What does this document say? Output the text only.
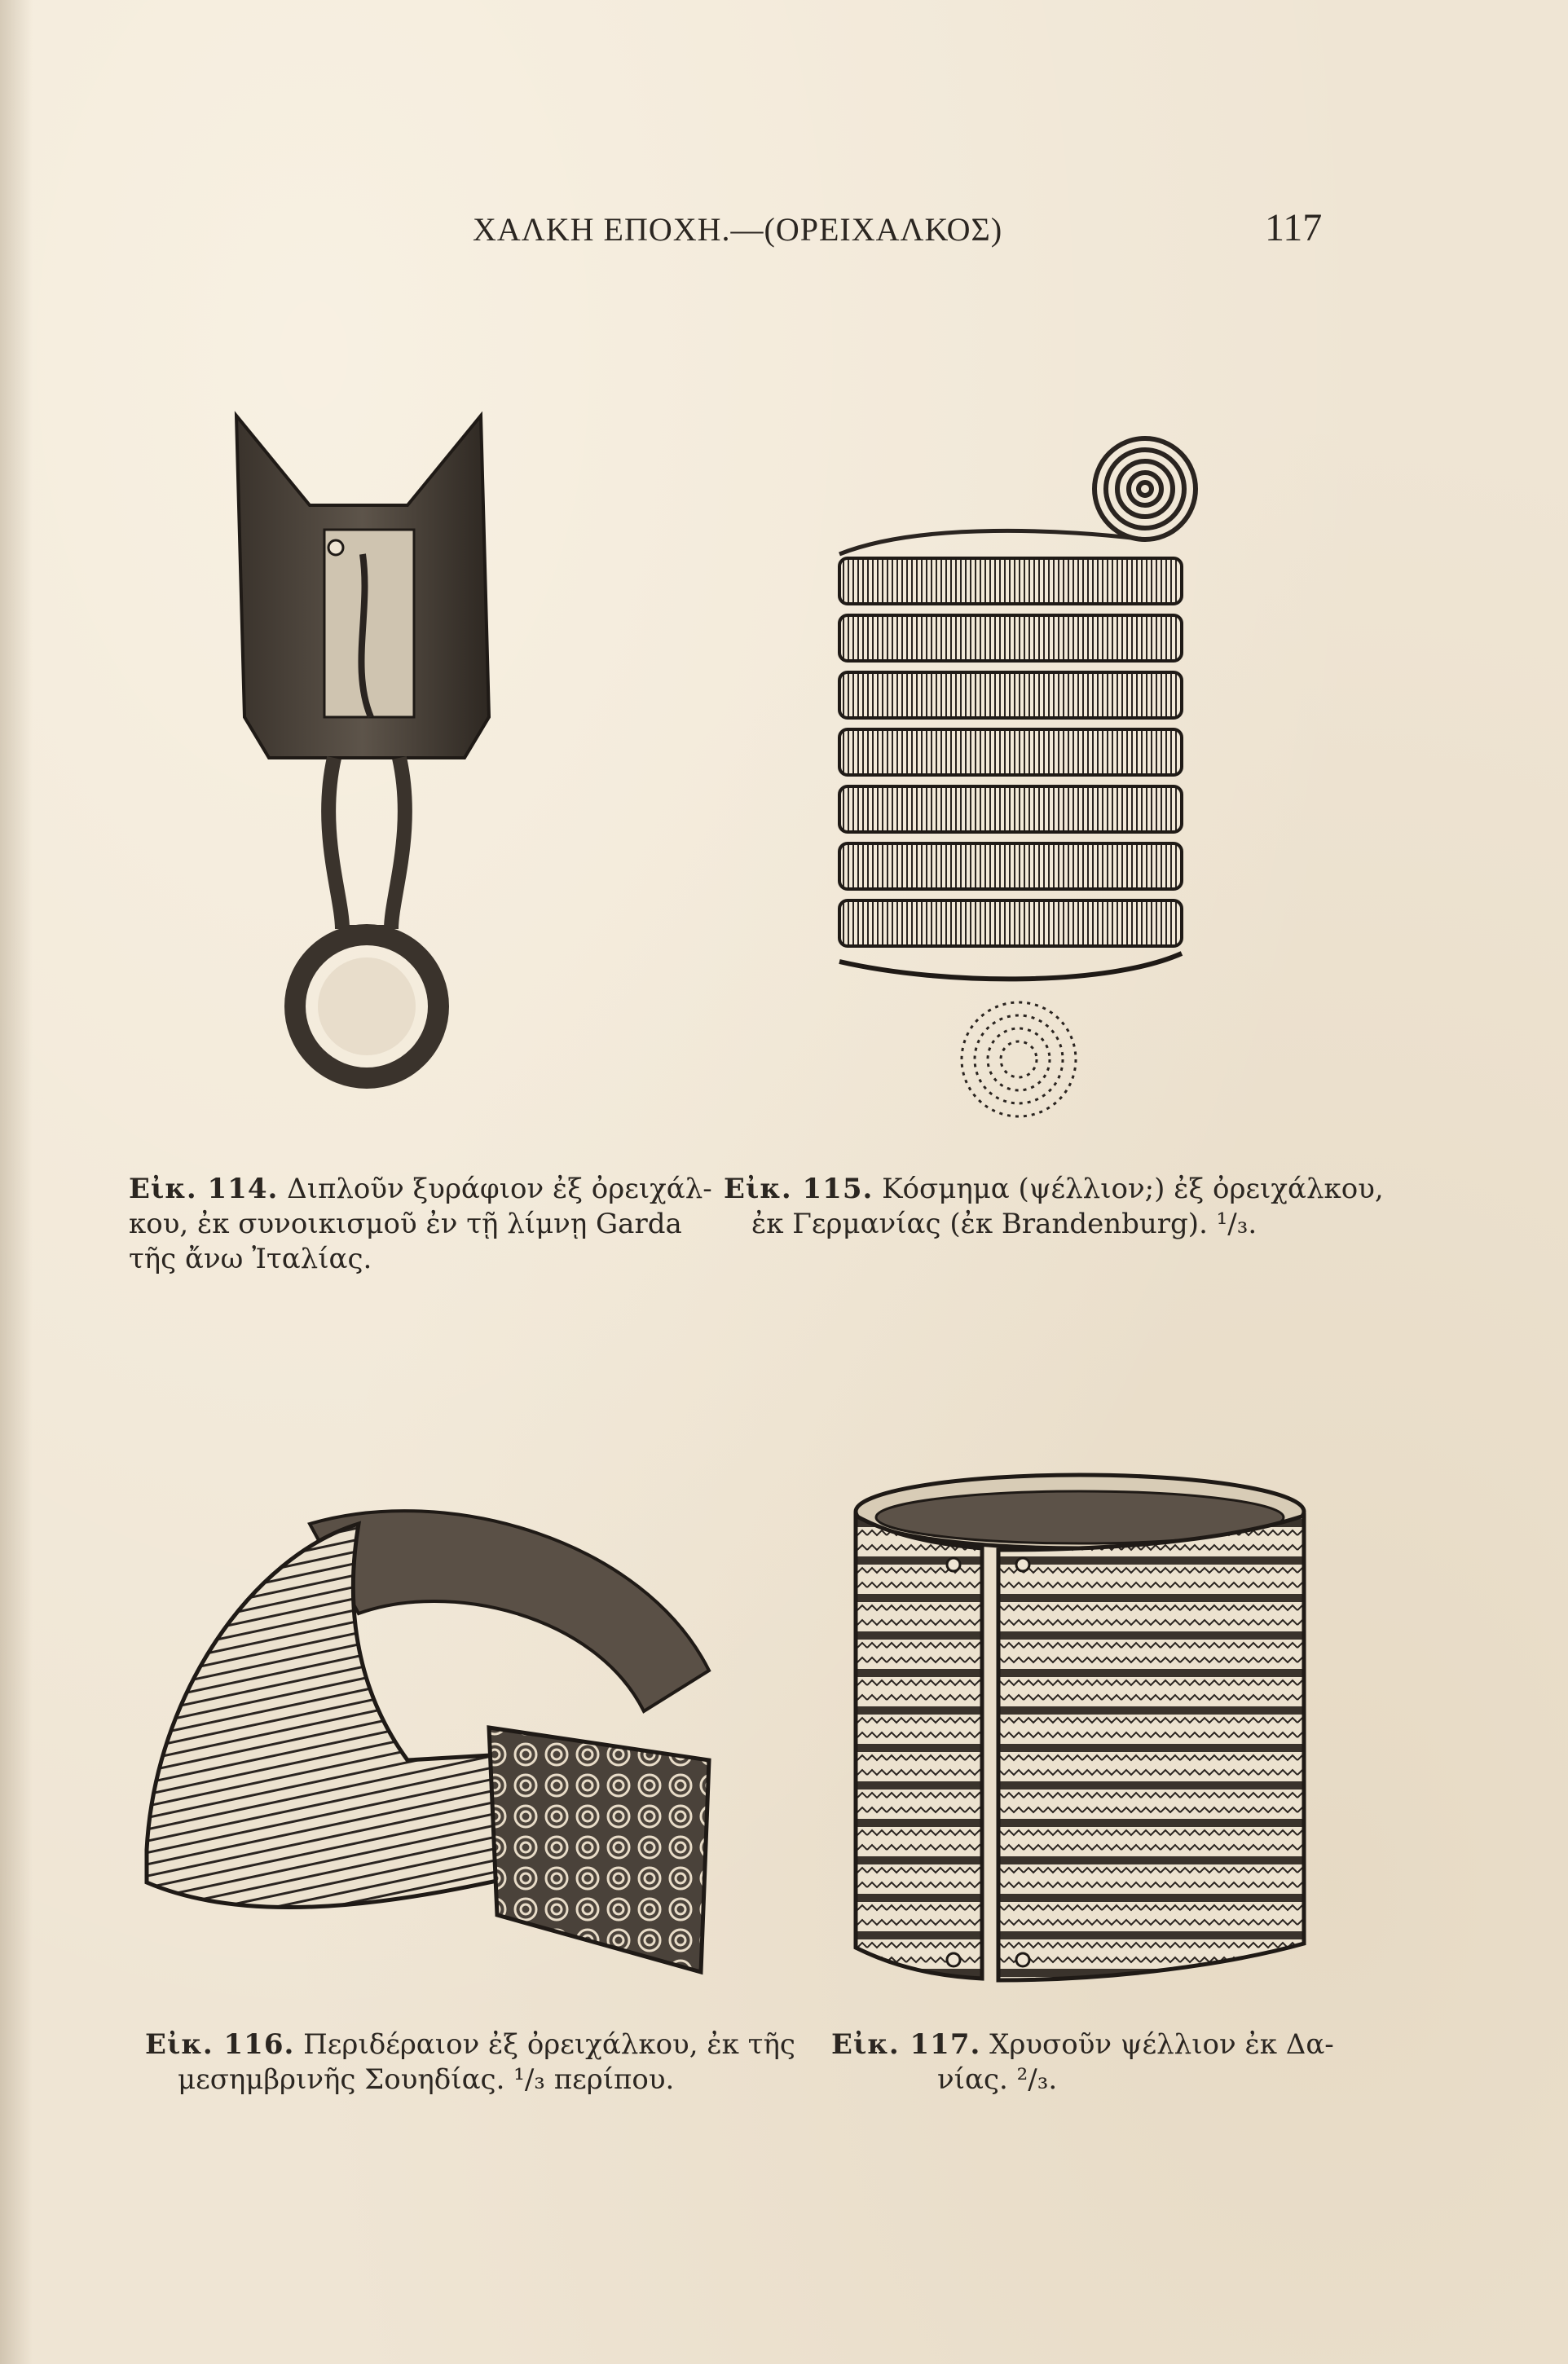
ΧΑΛΚΗ ΕΠΟΧΗ.—(ΟΡΕΙΧΑΛΚΟΣ)	117
Εἰκ. 114. Διπλοῦν ξυράφιον ἐξ ὀρειχάλ-
κου, ἐκ συνοικισμοῦ ἐν τῇ λίμνῃ Garda
τῆς ἄνω Ἰταλίας.
Εἰκ. 115. Κόσμημα (ψέλλιον;) ἐξ ὀρειχάλκου,
ἐκ Γερμανίας (ἐκ Brandenburg). ¹/₃.
Εἰκ. 116. Περιδέραιον ἐξ ὀρειχάλκου, ἐκ τῆς
μεσημβρινῆς Σουηδίας. ¹/₃ περίπου.
Εἰκ. 117. Χρυσοῦν ψέλλιον ἐκ Δα-
νίας. ²/₃.
